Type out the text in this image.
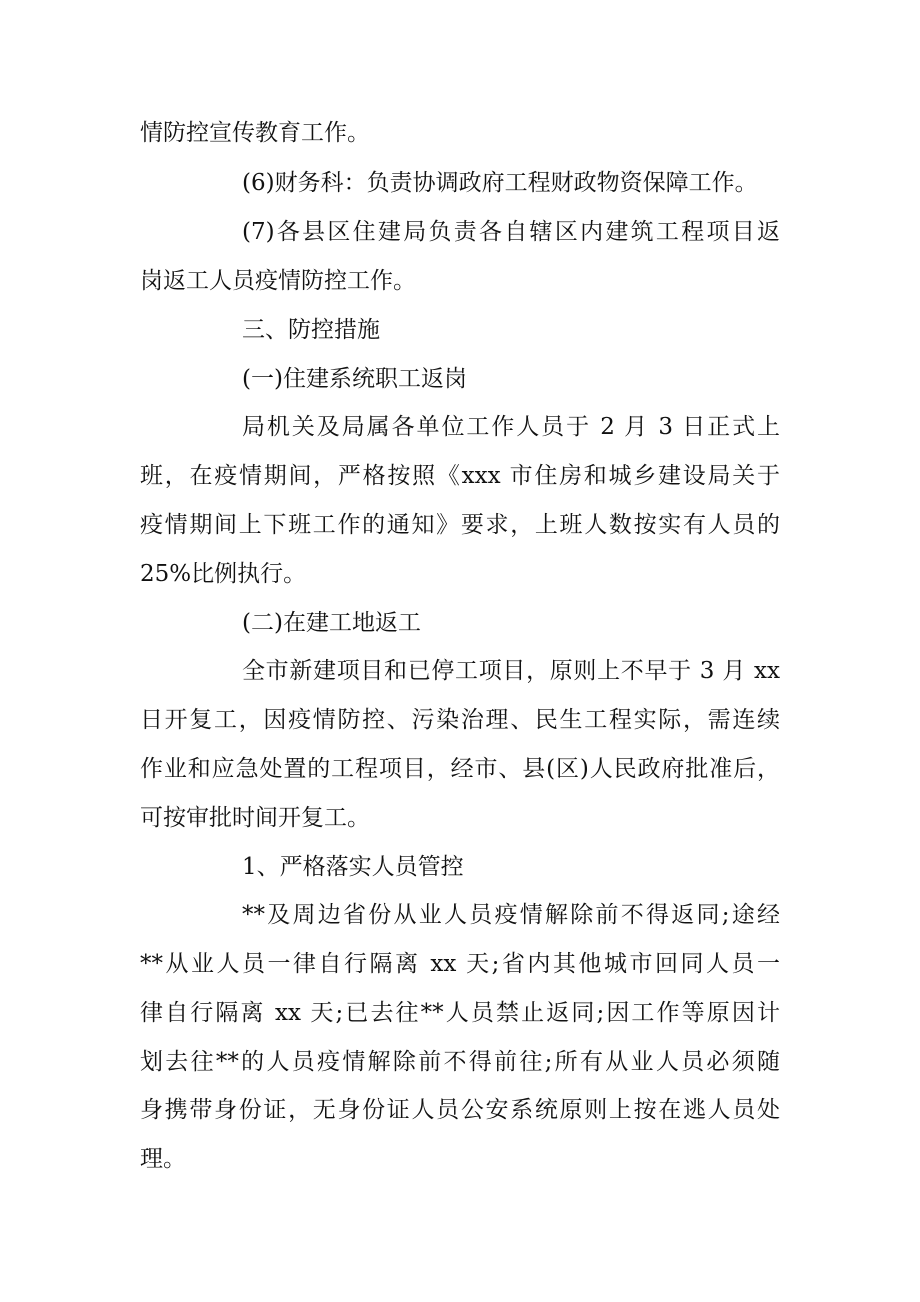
情防控宣传教育工作。
(6)财务科：负责协调政府工程财政物资保障工作。
(7)各县区住建局负责各自辖区内建筑工程项目返
岗返工人员疫情防控工作。
三、防控措施
(一)住建系统职工返岗
局机关及局属各单位工作人员于 2 月 3 日正式上
班，在疫情期间，严格按照《xxx 市住房和城乡建设局关于
疫情期间上下班工作的通知》要求，上班人数按实有人员的
25%比例执行。
(二)在建工地返工
全市新建项目和已停工项目，原则上不早于 3 月 xx
日开复工，因疫情防控、污染治理、民生工程实际，需连续
作业和应急处置的工程项目，经市、县(区)人民政府批准后，
可按审批时间开复工。
1、严格落实人员管控
**及周边省份从业人员疫情解除前不得返同;途经
**从业人员一律自行隔离 xx 天;省内其他城市回同人员一
律自行隔离 xx 天;已去往**人员禁止返同;因工作等原因计
划去往**的人员疫情解除前不得前往;所有从业人员必须随
身携带身份证，无身份证人员公安系统原则上按在逃人员处
理。
